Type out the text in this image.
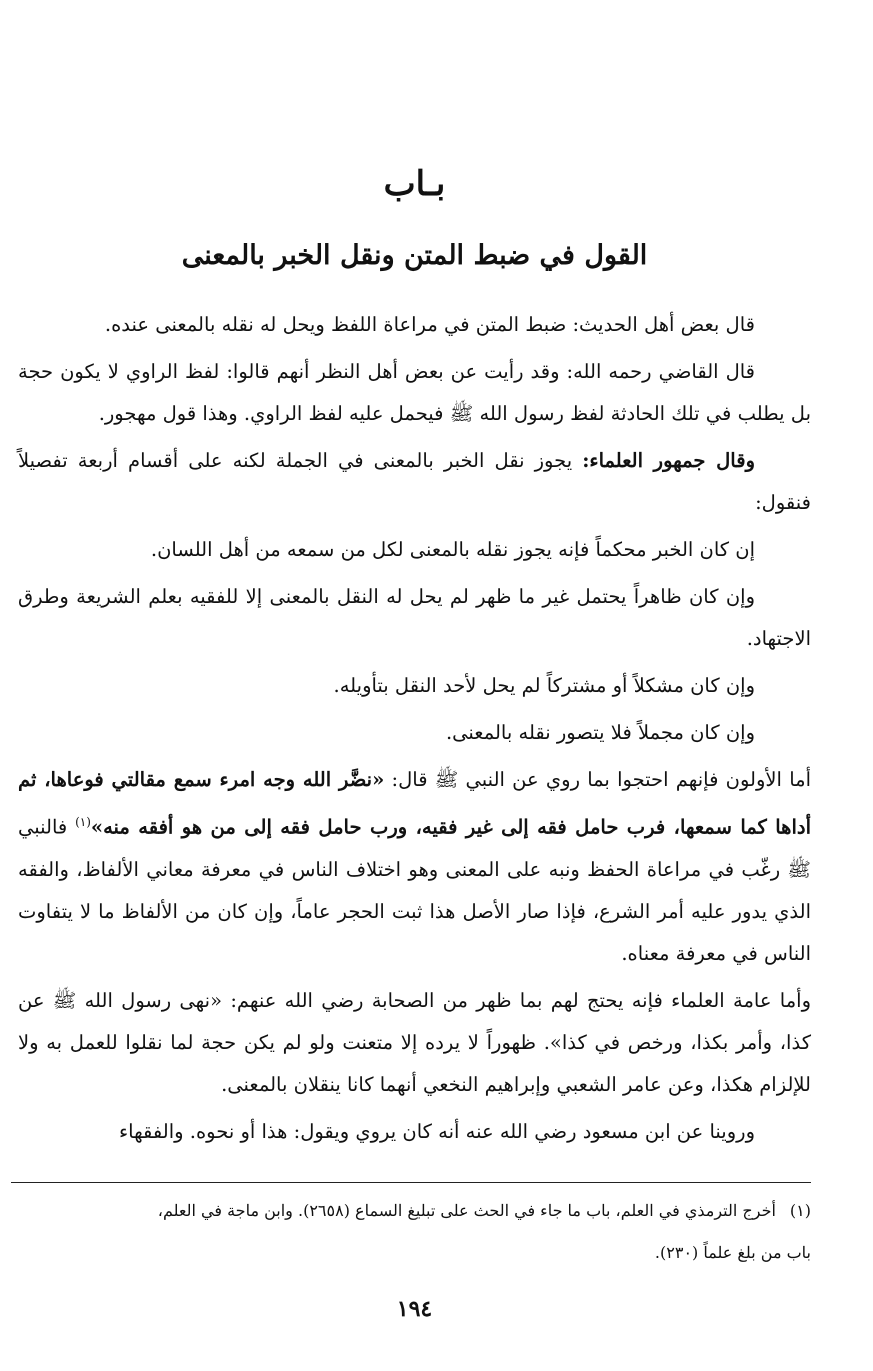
بـاب
القول في ضبط المتن ونقل الخبر بالمعنى

قال بعض أهل الحديث: ضبط المتن في مراعاة اللفظ ويحل له نقله بالمعنى عنده.

قال القاضي رحمه الله: وقد رأيت عن بعض أهل النظر أنهم قالوا: لفظ الراوي لا يكون حجة بل يطلب في تلك الحادثة لفظ رسول الله ﷺ فيحمل عليه لفظ الراوي. وهذا قول مهجور.

وقال جمهور العلماء: يجوز نقل الخبر بالمعنى في الجملة لكنه على أقسام أربعة تفصيلاً فنقول:

إن كان الخبر محكماً فإنه يجوز نقله بالمعنى لكل من سمعه من أهل اللسان.

وإن كان ظاهراً يحتمل غير ما ظهر لم يحل له النقل بالمعنى إلا للفقيه بعلم الشريعة وطرق الاجتهاد.

وإن كان مشكلاً أو مشتركاً لم يحل لأحد النقل بتأويله.

وإن كان مجملاً فلا يتصور نقله بالمعنى.

أما الأولون فإنهم احتجوا بما روي عن النبي ﷺ قال: «نضَّر الله وجه امرء سمع مقالتي فوعاها، ثم أداها كما سمعها، فرب حامل فقه إلى غير فقيه، ورب حامل فقه إلى من هو أفقه منه»$^{(١)}$ فالنبي ﷺ رغّب في مراعاة الحفظ ونبه على المعنى وهو اختلاف الناس في معرفة معاني الألفاظ، والفقه الذي يدور عليه أمر الشرع، فإذا صار الأصل هذا ثبت الحجر عاماً، وإن كان من الألفاظ ما لا يتفاوت الناس في معرفة معناه.

وأما عامة العلماء فإنه يحتج لهم بما ظهر من الصحابة رضي الله عنهم: «نهى رسول الله ﷺ عن كذا، وأمر بكذا، ورخص في كذا». ظهوراً لا يرده إلا متعنت ولو لم يكن حجة لما نقلوا للعمل به ولا للإلزام هكذا، وعن عامر الشعبي وإبراهيم النخعي أنهما كانا ينقلان بالمعنى.

وروينا عن ابن مسعود رضي الله عنه أنه كان يروي ويقول: هذا أو نحوه. والفقهاء

(١)أخرج الترمذي في العلم، باب ما جاء في الحث على تبليغ السماع (٢٦٥٨). وابن ماجة في العلم،

باب من بلغ علماً (٢٣٠).

١٩٤
